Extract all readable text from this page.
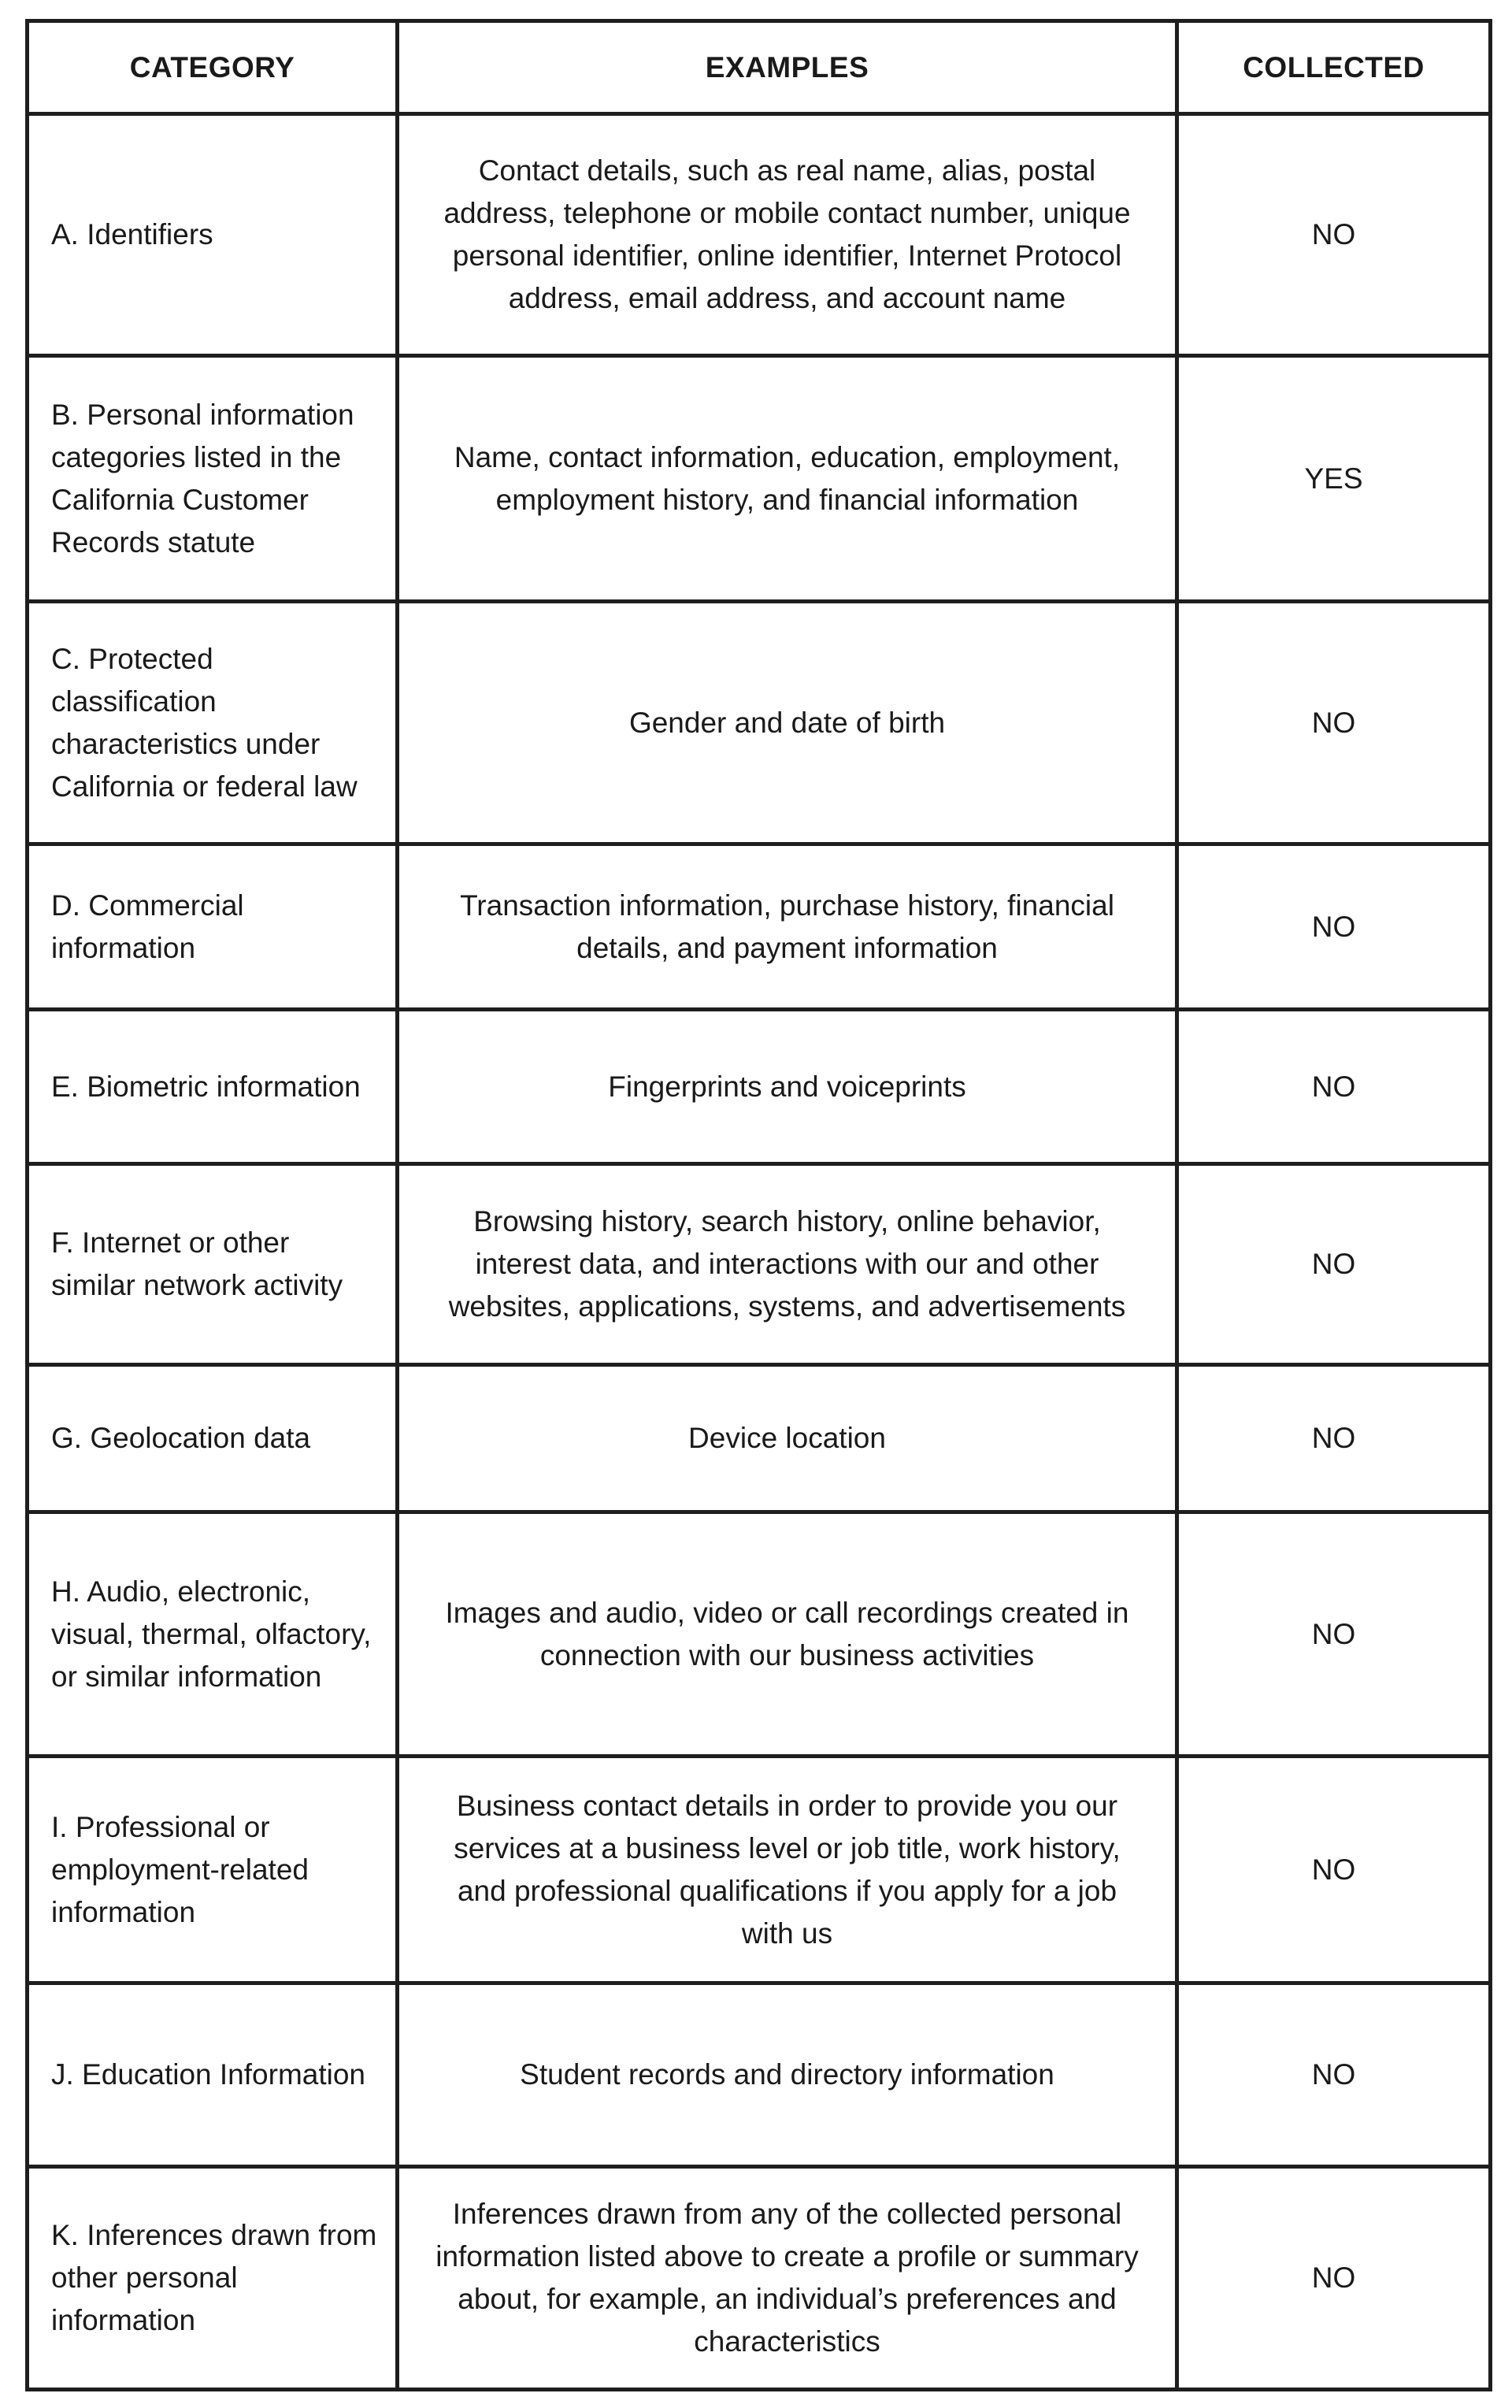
CATEGORY	EXAMPLES	COLLECTED
A. Identifiers	Contact details, such as real name, alias, postal address, telephone or mobile contact number, unique personal identifier, online identifier, Internet Protocol address, email address, and account name	NO
B. Personal information categories listed in the California Customer Records statute	Name, contact information, education, employment, employment history, and financial information	YES
C. Protected classification characteristics under California or federal law	Gender and date of birth	NO
D. Commercial information	Transaction information, purchase history, financial details, and payment information	NO
E. Biometric information	Fingerprints and voiceprints	NO
F. Internet or other similar network activity	Browsing history, search history, online behavior, interest data, and interactions with our and other websites, applications, systems, and advertisements	NO
G. Geolocation data	Device location	NO
H. Audio, electronic, visual, thermal, olfactory, or similar information	Images and audio, video or call recordings created in connection with our business activities	NO
I. Professional or employment-related information	Business contact details in order to provide you our services at a business level or job title, work history, and professional qualifications if you apply for a job with us	NO
J. Education Information	Student records and directory information	NO
K. Inferences drawn from other personal information	Inferences drawn from any of the collected personal information listed above to create a profile or summary about, for example, an individual’s preferences and characteristics	NO
